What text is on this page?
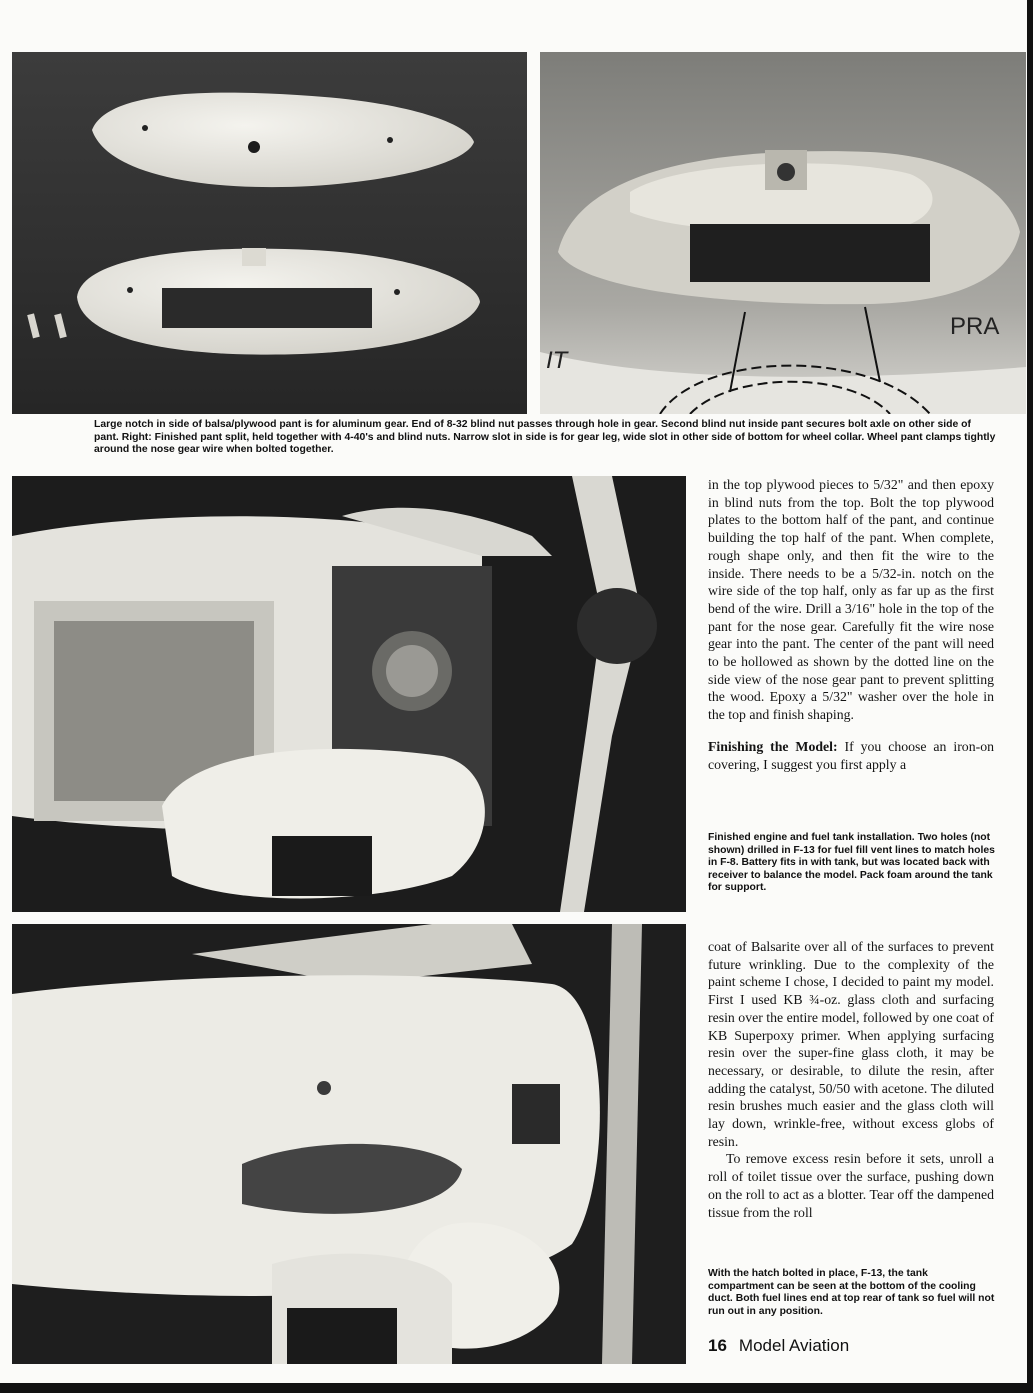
PRA
IT
Large notch in side of balsa/plywood pant is for aluminum gear. End of 8-32 blind nut passes through hole in gear. Second blind nut inside pant secures bolt axle on other side of pant. Right: Finished pant split, held together with 4-40's and blind nuts. Narrow slot in side is for gear leg, wide slot in other side of bottom for wheel collar. Wheel pant clamps tightly around the nose gear wire when bolted together.

in the top plywood pieces to 5/32" and then epoxy in blind nuts from the top. Bolt the top plywood plates to the bottom half of the pant, and continue building the top half of the pant. When complete, rough shape only, and then fit the wire to the inside. There needs to be a 5/32-in. notch on the wire side of the top half, only as far up as the first bend of the wire. Drill a 3/16" hole in the top of the pant for the nose gear. Carefully fit the wire nose gear into the pant. The center of the pant will need to be hollowed as shown by the dotted line on the side view of the nose gear pant to prevent splitting the wood. Epoxy a 5/32" washer over the hole in the top and finish shaping.

Finishing the Model: If you choose an iron-on covering, I suggest you first apply a

Finished engine and fuel tank installation. Two holes (not shown) drilled in F-13 for fuel fill vent lines to match holes in F-8. Battery fits in with tank, but was located back with receiver to balance the model. Pack foam around the tank for support.

coat of Balsarite over all of the surfaces to prevent future wrinkling. Due to the complexity of the paint scheme I chose, I decided to paint my model. First I used KB ¾-oz. glass cloth and surfacing resin over the entire model, followed by one coat of KB Superpoxy primer. When applying surfacing resin over the super-fine glass cloth, it may be necessary, or desirable, to dilute the resin, after adding the catalyst, 50/50 with acetone. The diluted resin brushes much easier and the glass cloth will lay down, wrinkle-free, without excess globs of resin.

To remove excess resin before it sets, unroll a roll of toilet tissue over the surface, pushing down on the roll to act as a blotter. Tear off the dampened tissue from the roll

With the hatch bolted in place, F-13, the tank compartment can be seen at the bottom of the cooling duct. Both fuel lines end at top rear of tank so fuel will not run out in any position.
16 Model Aviation
